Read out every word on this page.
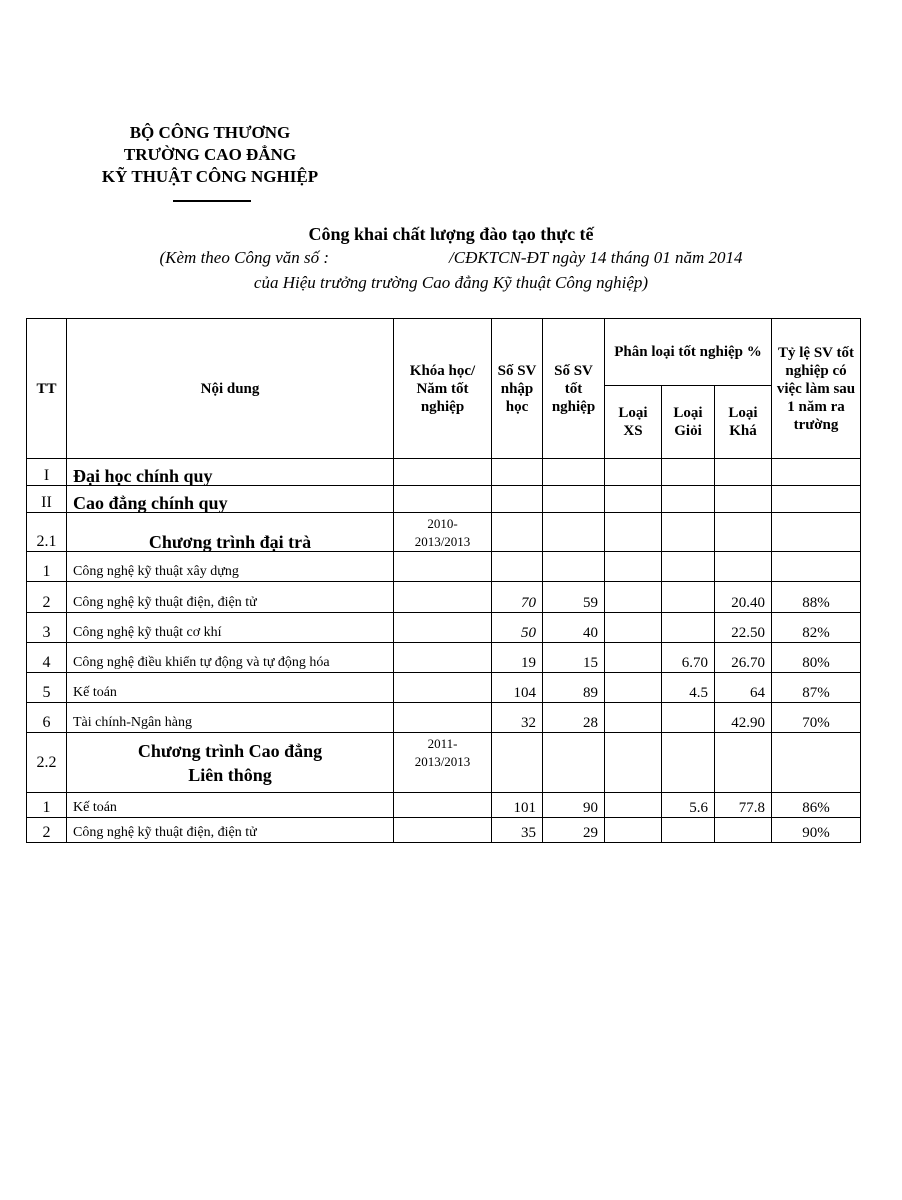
BỘ CÔNG THƯƠNG
TRƯỜNG CAO ĐẲNG
KỸ THUẬT CÔNG NGHIỆP
Công khai chất lượng đào tạo thực tế
(Kèm theo Công văn số :	/CĐKTCN-ĐT ngày 14 tháng 01 năm 2014
của Hiệu trưởng trường Cao đẳng Kỹ thuật Công nghiệp)
TT	Nội dung	Khóa học/ Năm tốt nghiệp	Số SV nhập học	Số SV tốt nghiệp	Phân loại tốt nghiệp %			Tỷ lệ SV tốt nghiệp có việc làm sau 1 năm ra trường
					Loại XS	Loại Giỏi	Loại Khá	
I	Đại học chính quy							
II	Cao đẳng chính quy							
2.1	Chương trình đại trà	2010-2013/2013						
1	Công nghệ kỹ thuật xây dựng							
2	Công nghệ kỹ thuật điện, điện tử		70	59			20.40	88%
3	Công nghệ kỹ thuật cơ khí		50	40			22.50	82%
4	Công nghệ điều khiển tự động và tự động hóa		19	15		6.70	26.70	80%
5	Kế toán		104	89		4.5	64	87%
6	Tài chính-Ngân hàng		32	28			42.90	70%
2.2	Chương trình Cao đẳng
Liên thông	2011-2013/2013						
1	Kế toán		101	90		5.6	77.8	86%
2	Công nghệ kỹ thuật điện, điện tử		35	29				90%
